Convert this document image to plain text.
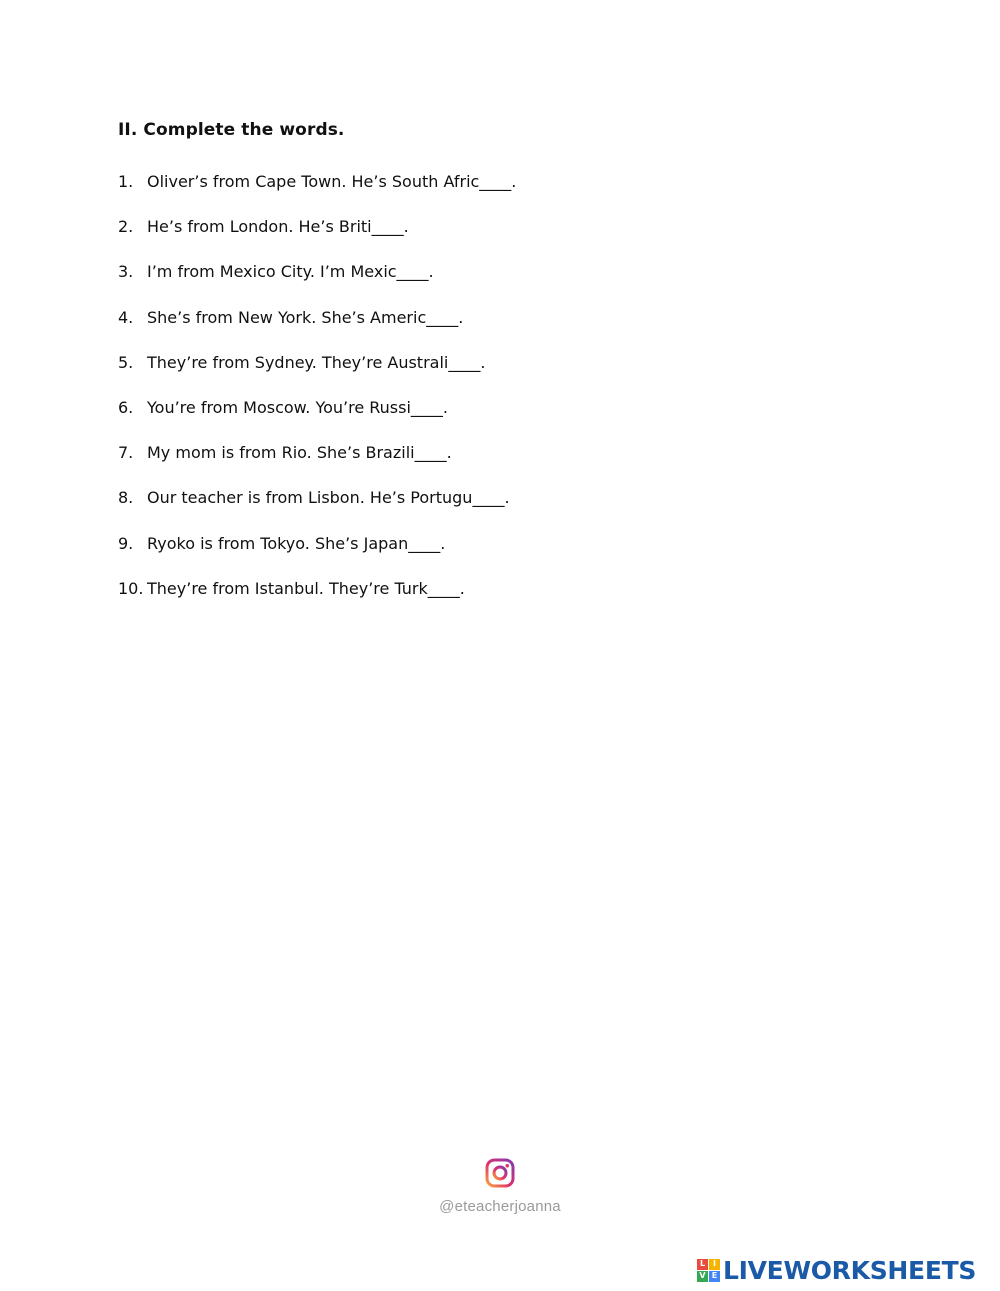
II. Complete the words.
1. Oliver’s from Cape Town. He’s South Afric____.
2. He’s from London. He’s Briti____.
3. I’m from Mexico City. I’m Mexic____.
4. She’s from New York. She’s Americ____.
5. They’re from Sydney. They’re Australi____.
6. You’re from Moscow. You’re Russi____.
7. My mom is from Rio. She’s Brazili____.
8. Our teacher is from Lisbon. He’s Portugu____.
9. Ryoko is from Tokyo. She’s Japan____.
10. They’re from Istanbul. They’re Turk____.
@eteacherjoanna
L I
V E LIVEWORKSHEETS
